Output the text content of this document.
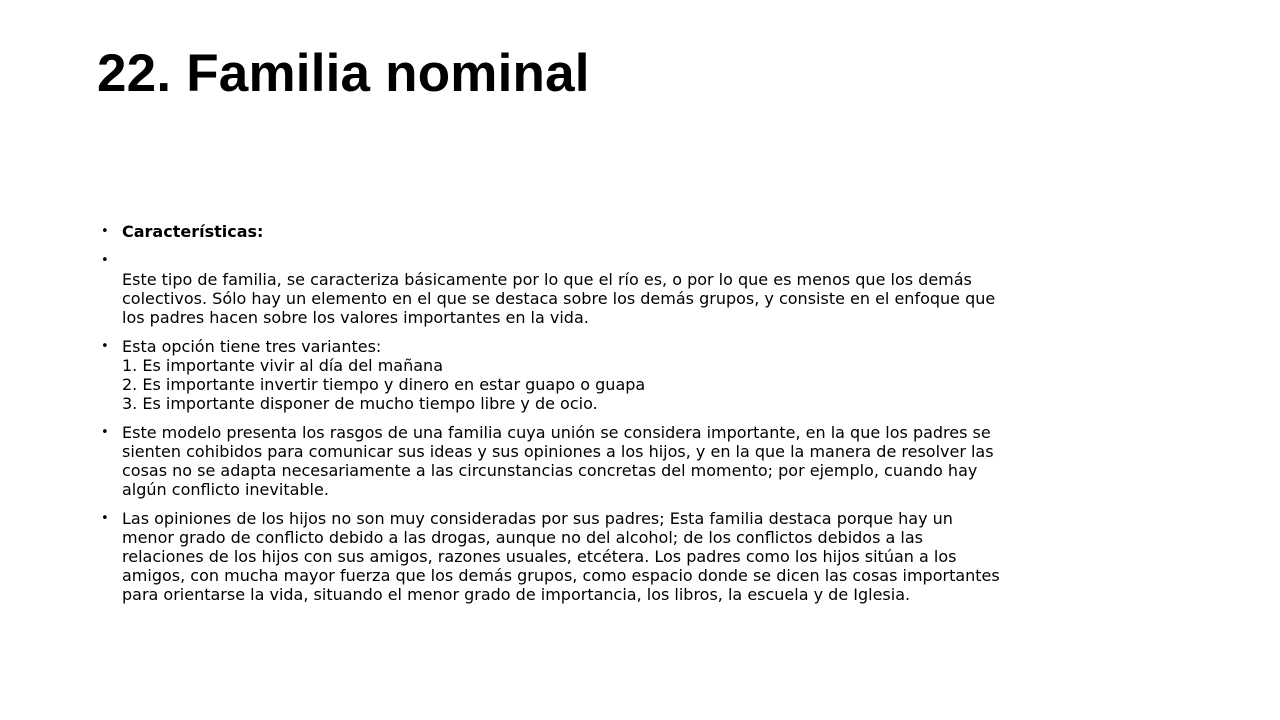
22. Familia nominal
• Características:
•
Este tipo de familia, se caracteriza básicamente por lo que el río es, o por lo que es menos que los demás
colectivos. Sólo hay un elemento en el que se destaca sobre los demás grupos, y consiste en el enfoque que
los padres hacen sobre los valores importantes en la vida.
• Esta opción tiene tres variantes:
1. Es importante vivir al día del mañana
2. Es importante invertir tiempo y dinero en estar guapo o guapa
3. Es importante disponer de mucho tiempo libre y de ocio.
• Este modelo presenta los rasgos de una familia cuya unión se considera importante, en la que los padres se
sienten cohibidos para comunicar sus ideas y sus opiniones a los hijos, y en la que la manera de resolver las
cosas no se adapta necesariamente a las circunstancias concretas del momento; por ejemplo, cuando hay
algún conflicto inevitable.
• Las opiniones de los hijos no son muy consideradas por sus padres; Esta familia destaca porque hay un
menor grado de conflicto debido a las drogas, aunque no del alcohol; de los conflictos debidos a las
relaciones de los hijos con sus amigos, razones usuales, etcétera. Los padres como los hijos sitúan a los
amigos, con mucha mayor fuerza que los demás grupos, como espacio donde se dicen las cosas importantes
para orientarse la vida, situando el menor grado de importancia, los libros, la escuela y de Iglesia.
